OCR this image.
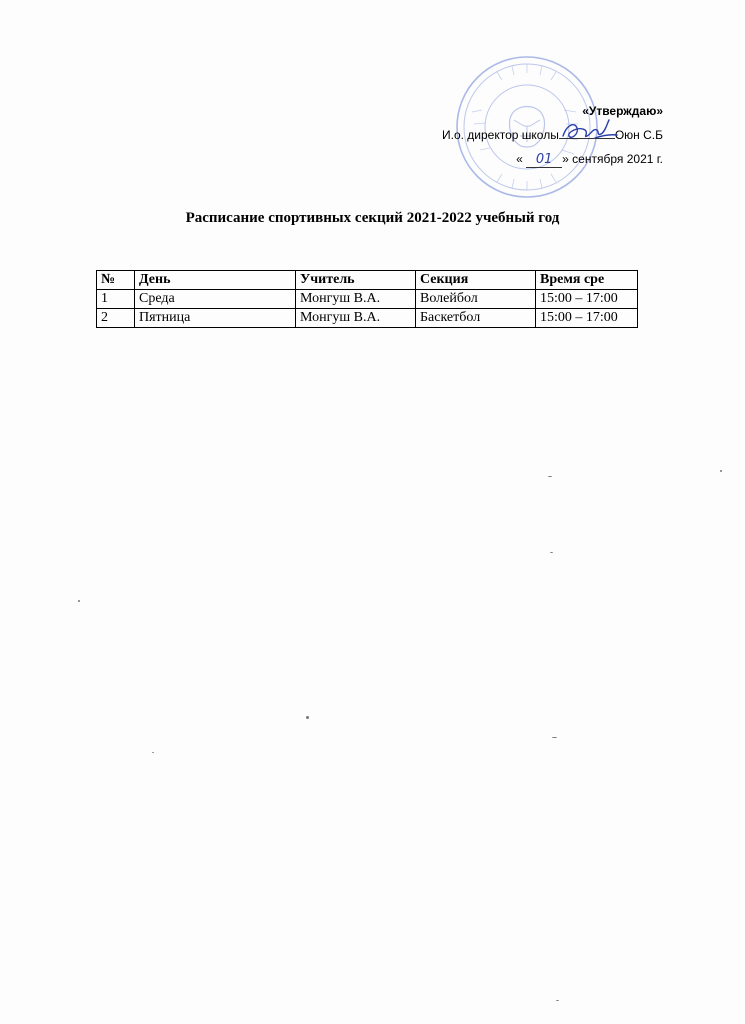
«Утверждаю»
И.о. директор школы	Оюн С.Б
« 01 » сентября 2021 г.
Расписание спортивных секций 2021-2022 учебный год
№	День	Учитель	Секция	Время сре
1	Среда	Монгуш В.А.	Волейбол	15:00 – 17:00
2	Пятница	Монгуш В.А.	Баскетбол	15:00 – 17:00
